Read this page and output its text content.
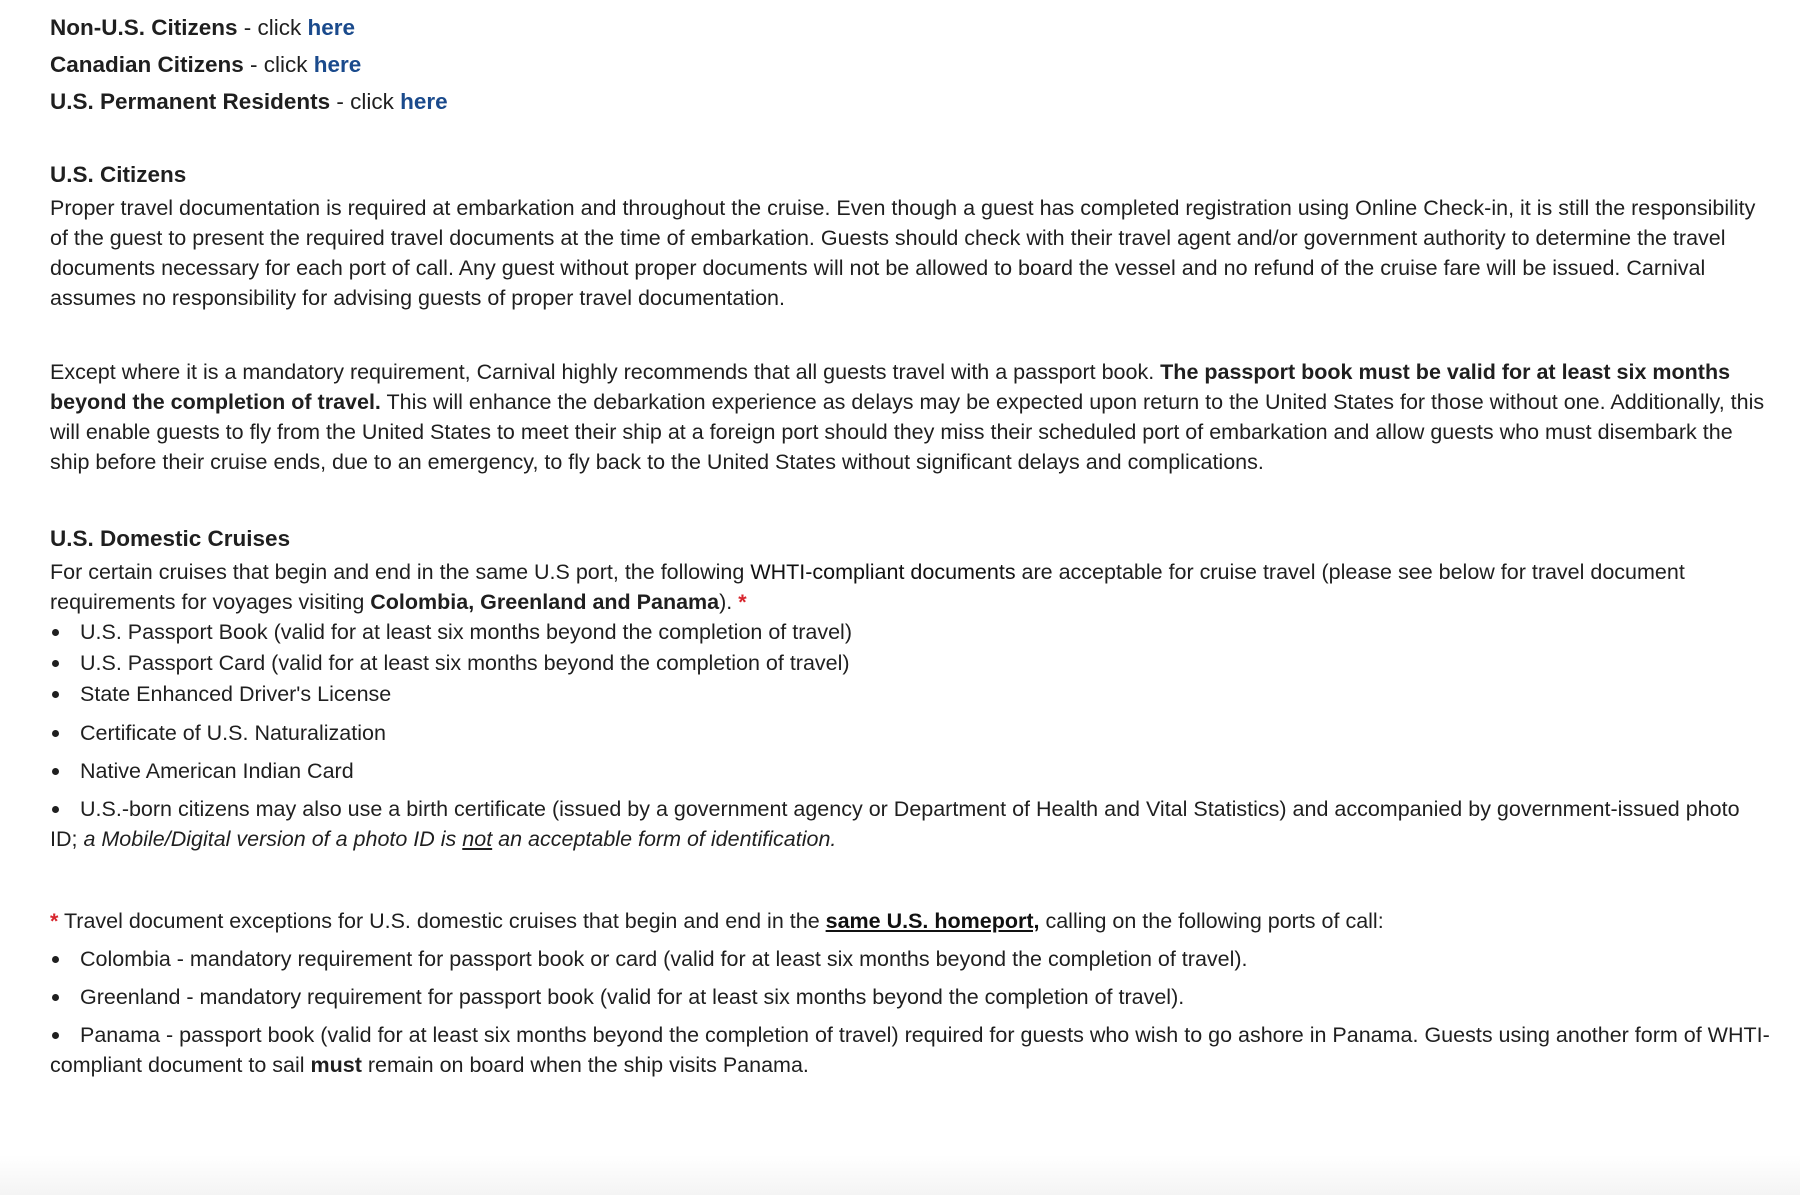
Non-U.S. Citizens - click here
Canadian Citizens - click here
U.S. Permanent Residents - click here
U.S. Citizens

Proper travel documentation is required at embarkation and throughout the cruise. Even though a guest has completed registration using Online Check-in, it is still the responsibility of the guest to present the required travel documents at the time of embarkation. Guests should check with their travel agent and/or government authority to determine the travel documents necessary for each port of call. Any guest without proper documents will not be allowed to board the vessel and no refund of the cruise fare will be issued. Carnival assumes no responsibility for advising guests of proper travel documentation.

Except where it is a mandatory requirement, Carnival highly recommends that all guests travel with a passport book. The passport book must be valid for at least six months beyond the completion of travel. This will enhance the debarkation experience as delays may be expected upon return to the United States for those without one. Additionally, this will enable guests to fly from the United States to meet their ship at a foreign port should they miss their scheduled port of embarkation and allow guests who must disembark the ship before their cruise ends, due to an emergency, to fly back to the United States without significant delays and complications.

U.S. Domestic Cruises

For certain cruises that begin and end in the same U.S port, the following WHTI-compliant documents are acceptable for cruise travel (please see below for travel document requirements for voyages visiting Colombia, Greenland and Panama). *

U.S. Passport Book (valid for at least six months beyond the completion of travel)
U.S. Passport Card (valid for at least six months beyond the completion of travel)
State Enhanced Driver's License
Certificate of U.S. Naturalization
Native American Indian Card
U.S.-born citizens may also use a birth certificate (issued by a government agency or Department of Health and Vital Statistics) and accompanied by government-issued photo ID; a Mobile/Digital version of a photo ID is not an acceptable form of identification.

* Travel document exceptions for U.S. domestic cruises that begin and end in the same U.S. homeport, calling on the following ports of call:

Colombia - mandatory requirement for passport book or card (valid for at least six months beyond the completion of travel).
Greenland - mandatory requirement for passport book (valid for at least six months beyond the completion of travel).
Panama - passport book (valid for at least six months beyond the completion of travel) required for guests who wish to go ashore in Panama. Guests using another form of WHTI-compliant document to sail must remain on board when the ship visits Panama.
